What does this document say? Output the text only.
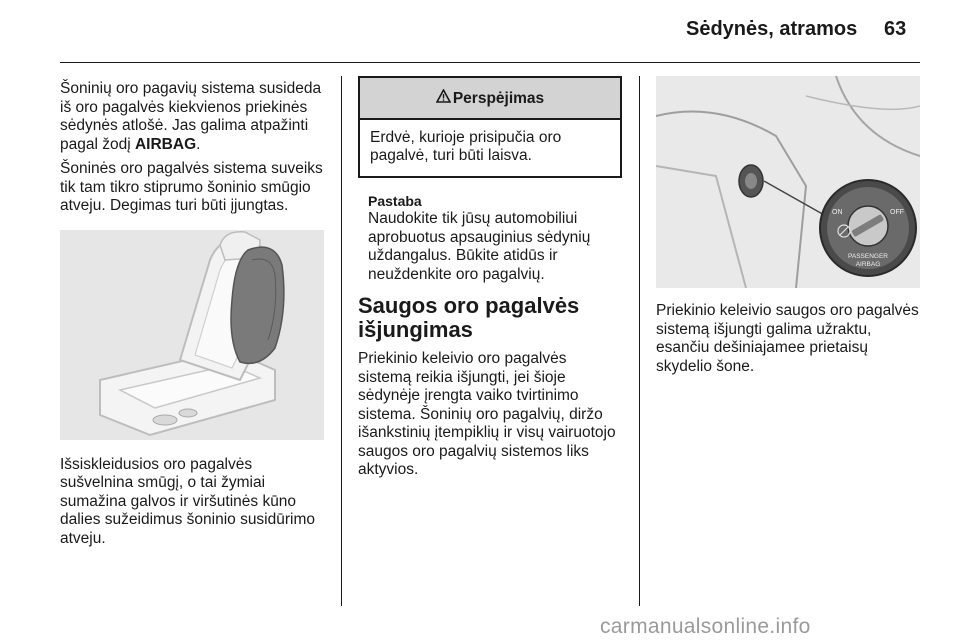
Sėdynės, atramos 63

Šoninių oro pagavių sistema susideda iš oro pagalvės kiekvienos priekinės sėdynės atlošė. Jas galima atpažinti pagal žodį AIRBAG.

Šoninės oro pagalvės sistema suveiks tik tam tikro stiprumo šoninio smūgio atveju. Degimas turi būti įjungtas.

Išsiskleidusios oro pagalvės sušvelnina smūgį, o tai žymiai sumažina galvos ir viršutinės kūno dalies sužeidimus šoninio susidūrimo atveju.

Perspėjimas
Erdvė, kurioje prisipučia oro pagalvė, turi būti laisva.
Pastaba
Naudokite tik jūsų automobiliui aprobuotus apsauginius sėdynių uždangalus. Būkite atidūs ir neuždenkite oro pagalvių.
Saugos oro pagalvės išjungimas

Priekinio keleivio oro pagalvės sistemą reikia išjungti, jei šioje sėdynėje įrengta vaiko tvirtinimo sistema. Šoninių oro pagalvių, diržo išankstinių įtempiklių ir visų vairuotojo saugos oro pagalvių sistemos liks aktyvios.

ON	OFF
PASSENGER
AIRBAG

Priekinio keleivio saugos oro pagalvės sistemą išjungti galima užraktu, esančiu dešiniajamee prietaisų skydelio šone.

carmanualsonline.info
